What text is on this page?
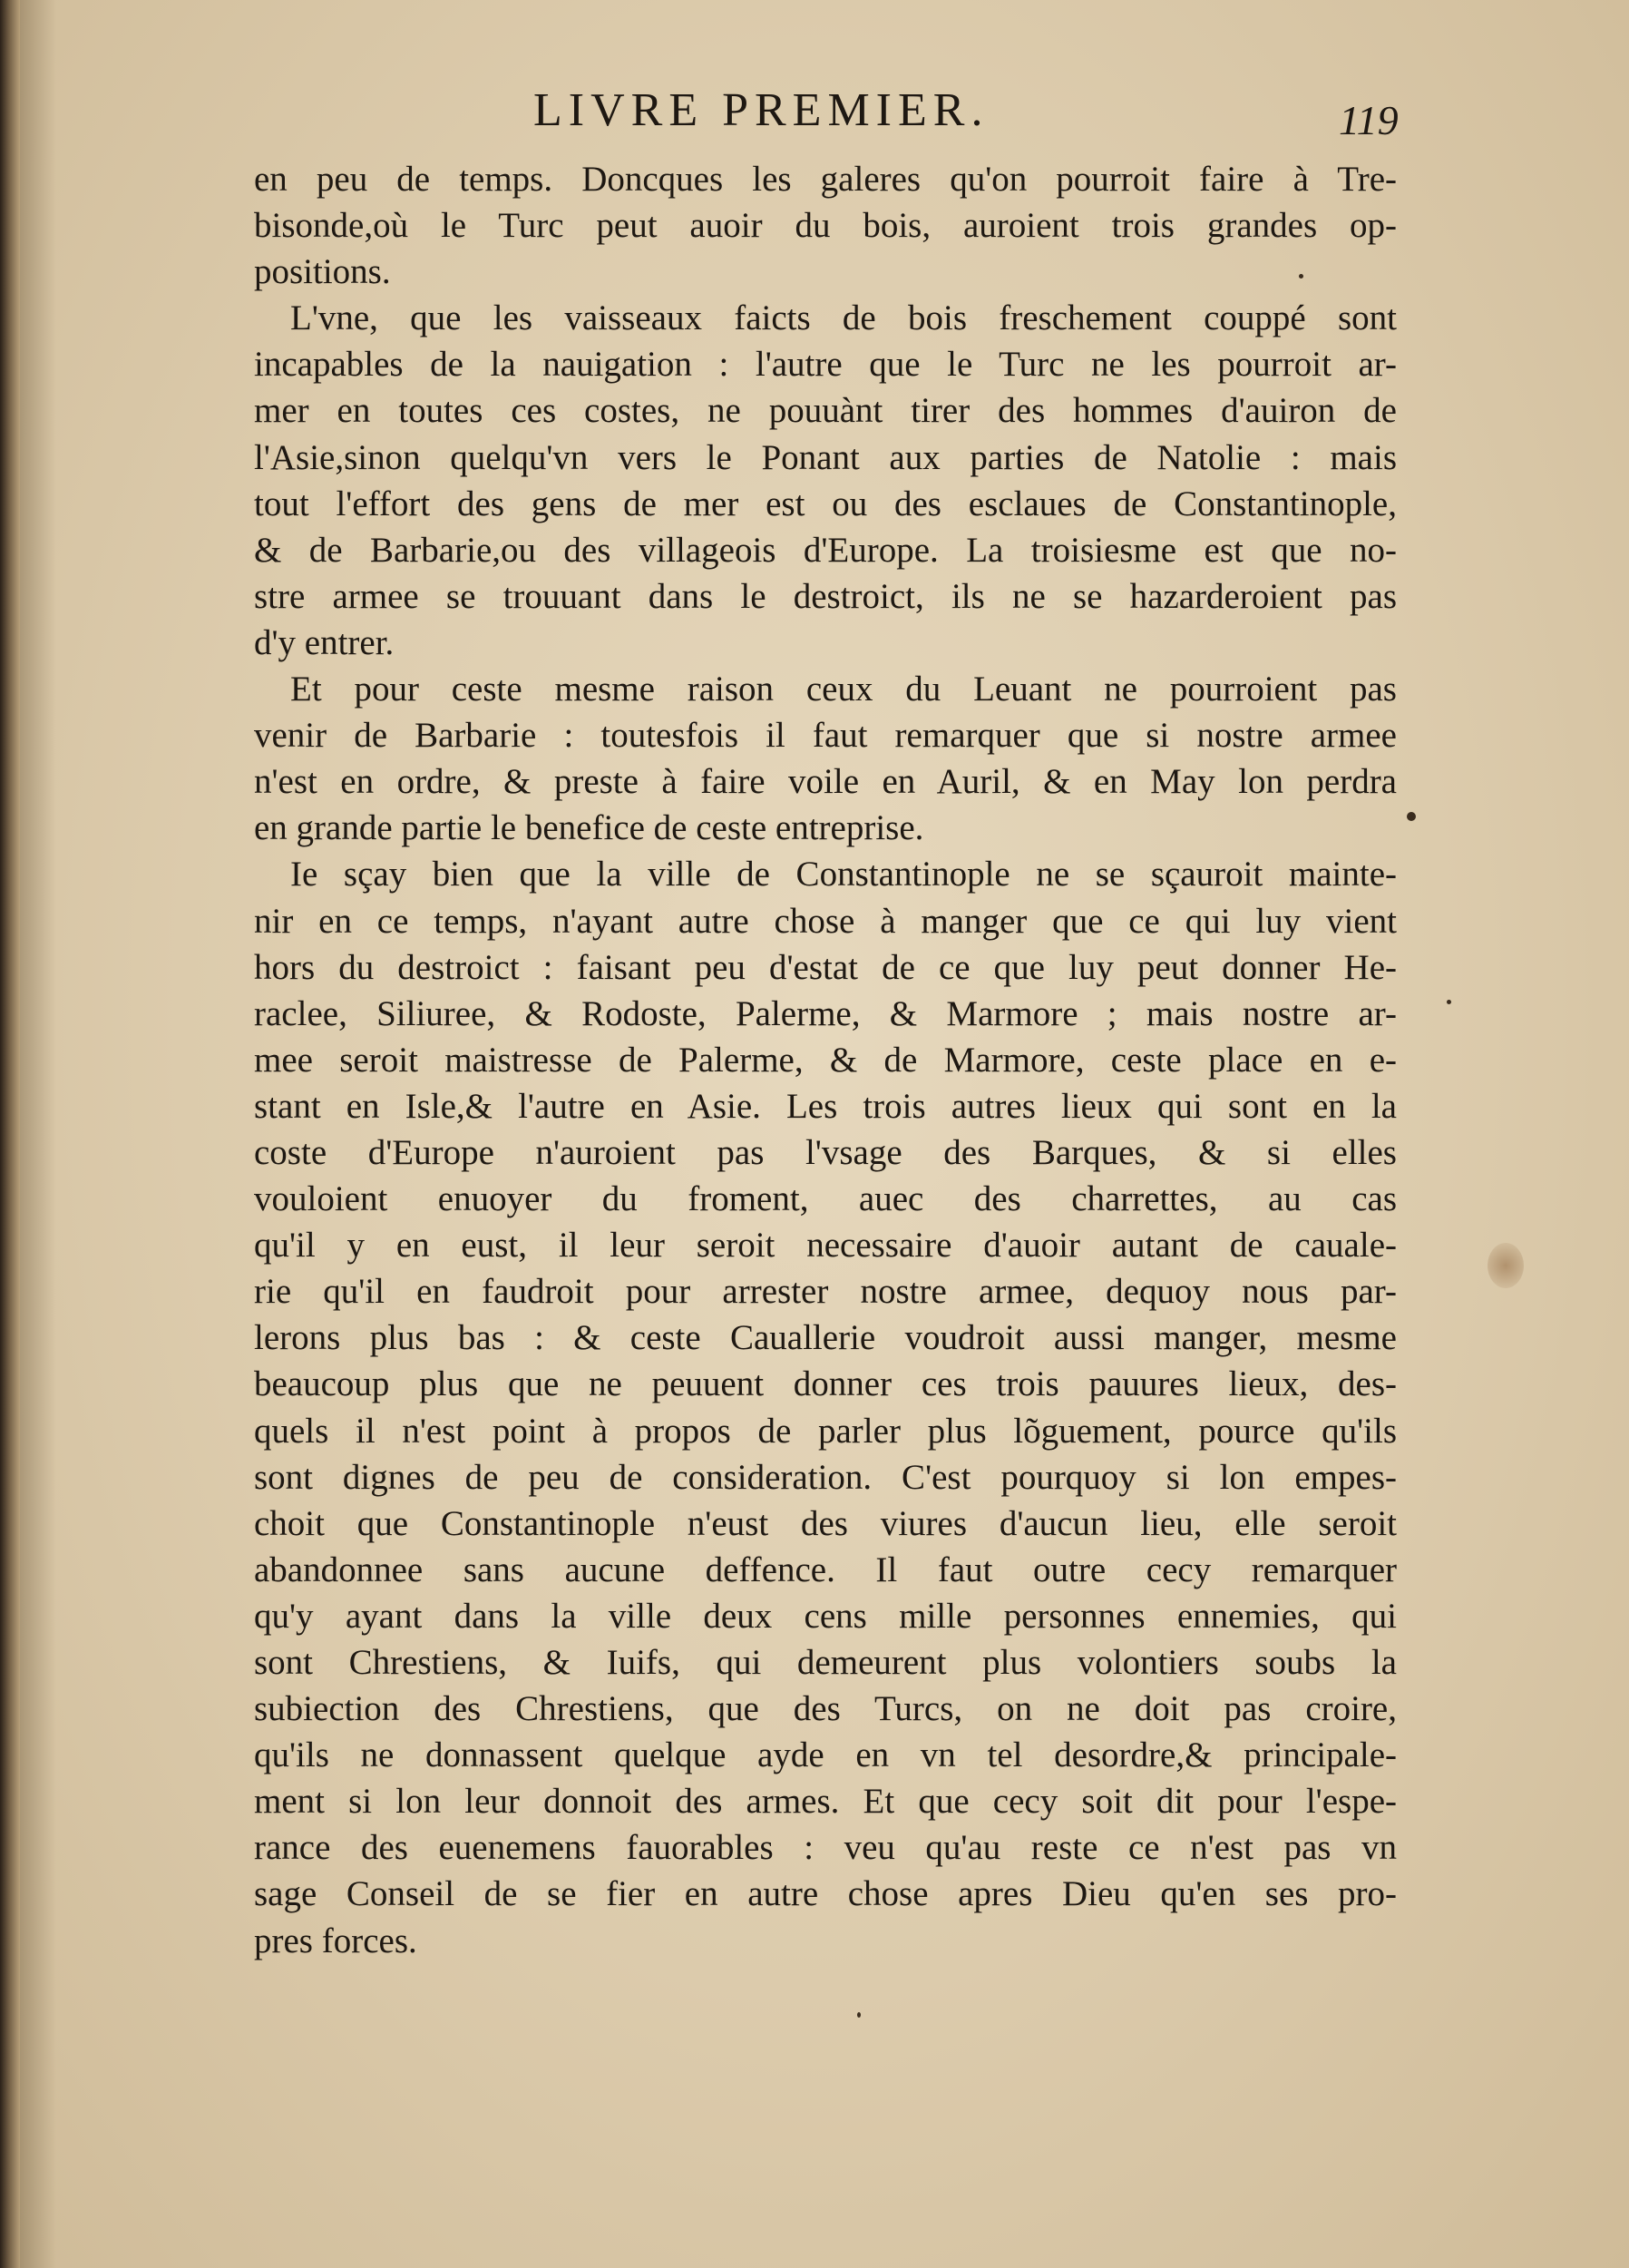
LIVRE PREMIER.	119
en peu de temps. Doncques les galeres qu'on pourroit faire à Tre-
bisonde,où le Turc peut auoir du bois, auroient trois grandes op-
positions.
L'vne, que les vaisseaux faicts de bois freschement couppé sont
incapables de la nauigation : l'autre que le Turc ne les pourroit ar-
mer en toutes ces costes, ne pouuànt tirer des hommes d'auiron de
l'Asie,sinon quelqu'vn vers le Ponant aux parties de Natolie : mais
tout l'effort des gens de mer est ou des esclaues de Constantinople,
& de Barbarie,ou des villageois d'Europe. La troisiesme est que no-
stre armee se trouuant dans le destroict, ils ne se hazarderoient pas
d'y entrer.
Et pour ceste mesme raison ceux du Leuant ne pourroient pas
venir de Barbarie : toutesfois il faut remarquer que si nostre armee
n'est en ordre, & preste à faire voile en Auril, & en May lon perdra
en grande partie le benefice de ceste entreprise.
Ie sçay bien que la ville de Constantinople ne se sçauroit mainte-
nir en ce temps, n'ayant autre chose à manger que ce qui luy vient
hors du destroict : faisant peu d'estat de ce que luy peut donner He-
raclee, Siliuree, & Rodoste, Palerme, & Marmore ; mais nostre ar-
mee seroit maistresse de Palerme, & de Marmore, ceste place en e-
stant en Isle,& l'autre en Asie. Les trois autres lieux qui sont en la
coste d'Europe n'auroient pas l'vsage des Barques, & si elles
vouloient enuoyer du froment, auec des charrettes, au cas
qu'il y en eust, il leur seroit necessaire d'auoir autant de cauale-
rie qu'il en faudroit pour arrester nostre armee, dequoy nous par-
lerons plus bas : & ceste Cauallerie voudroit aussi manger, mesme
beaucoup plus que ne peuuent donner ces trois pauures lieux, des-
quels il n'est point à propos de parler plus lõguement, pource qu'ils
sont dignes de peu de consideration. C'est pourquoy si lon empes-
choit que Constantinople n'eust des viures d'aucun lieu, elle seroit
abandonnee sans aucune deffence. Il faut outre cecy remarquer
qu'y ayant dans la ville deux cens mille personnes ennemies, qui
sont Chrestiens, & Iuifs, qui demeurent plus volontiers soubs la
subiection des Chrestiens, que des Turcs, on ne doit pas croire,
qu'ils ne donnassent quelque ayde en vn tel desordre,& principale-
ment si lon leur donnoit des armes. Et que cecy soit dit pour l'espe-
rance des euenemens fauorables : veu qu'au reste ce n'est pas vn
sage Conseil de se fier en autre chose apres Dieu qu'en ses pro-
pres forces.
